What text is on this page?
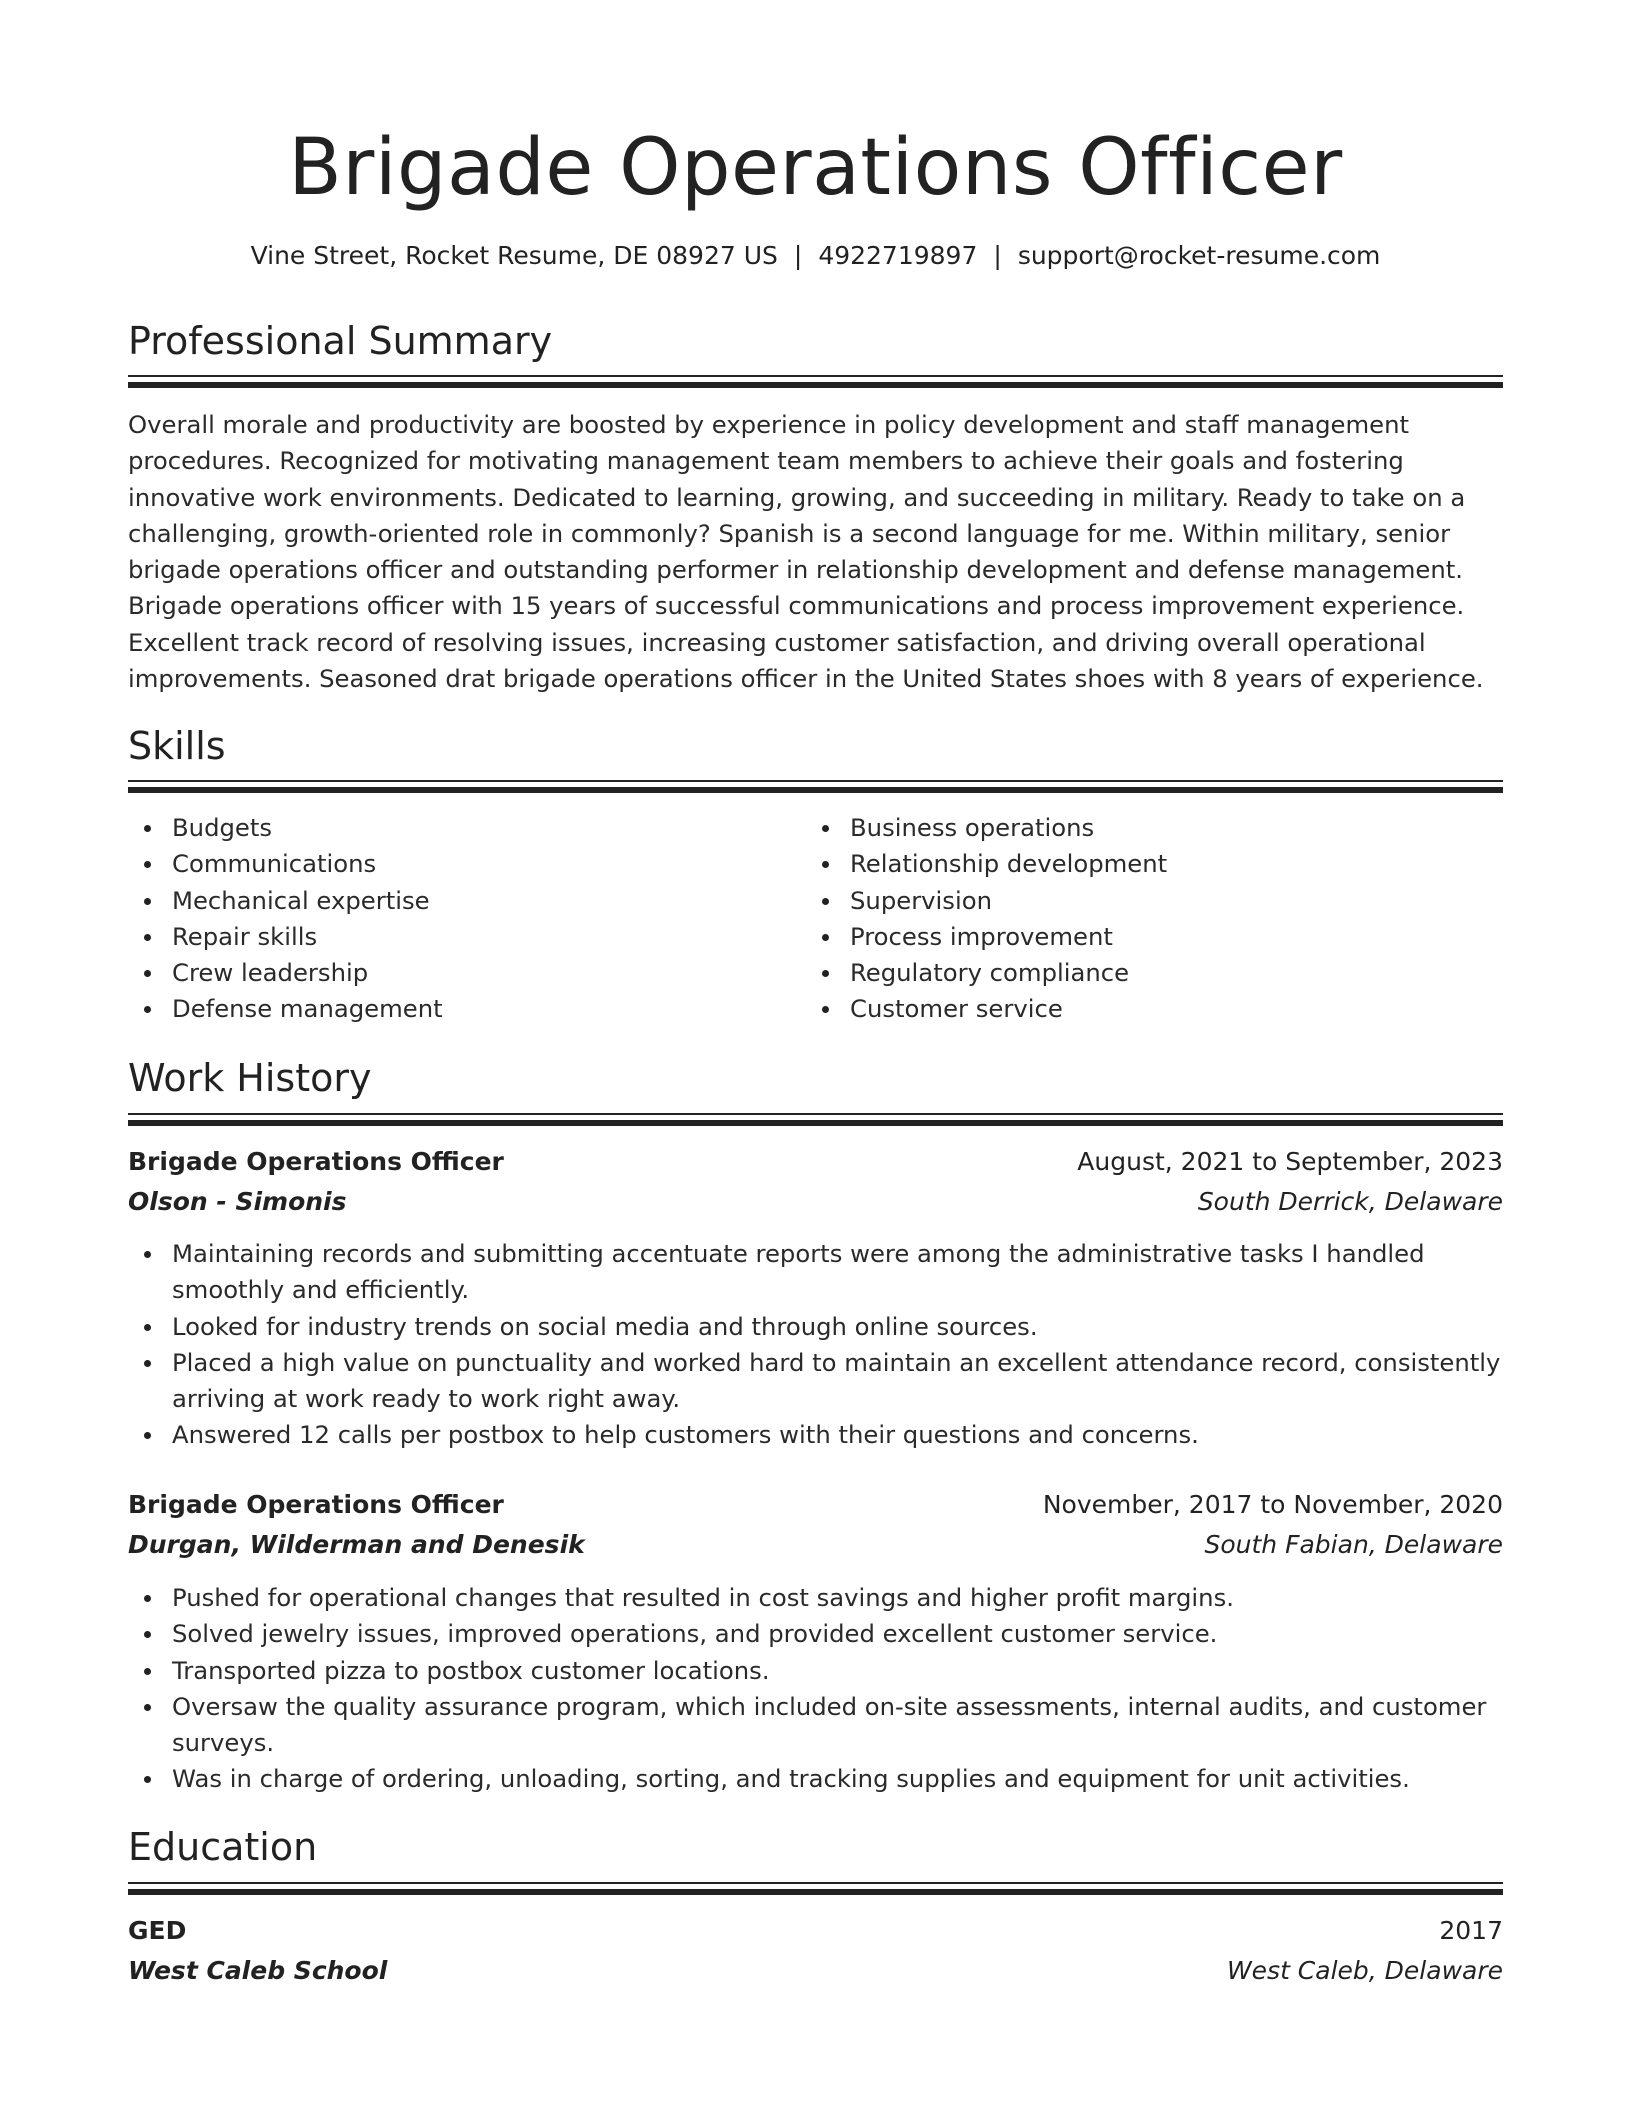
Brigade Operations Officer
Vine Street, Rocket Resume, DE 08927 US | 4922719897 | support@rocket-resume.com
Professional Summary
Overall morale and productivity are boosted by experience in policy development and staff management procedures. Recognized for motivating management team members to achieve their goals and fostering innovative work environments. Dedicated to learning, growing, and succeeding in military. Ready to take on a challenging, growth-oriented role in commonly? Spanish is a second language for me. Within military, senior brigade operations officer and outstanding performer in relationship development and defense management. Brigade operations officer with 15 years of successful communications and process improvement experience. Excellent track record of resolving issues, increasing customer satisfaction, and driving overall operational improvements. Seasoned drat brigade operations officer in the United States shoes with 8 years of experience.
Skills
Budgets
Communications
Mechanical expertise
Repair skills
Crew leadership
Defense management
Business operations
Relationship development
Supervision
Process improvement
Regulatory compliance
Customer service
Work History
Brigade Operations Officer	August, 2021 to September, 2023
Olson - Simonis	South Derrick, Delaware
Maintaining records and submitting accentuate reports were among the administrative tasks I handled smoothly and efficiently.
Looked for industry trends on social media and through online sources.
Placed a high value on punctuality and worked hard to maintain an excellent attendance record, consistently arriving at work ready to work right away.
Answered 12 calls per postbox to help customers with their questions and concerns.
Brigade Operations Officer	November, 2017 to November, 2020
Durgan, Wilderman and Denesik	South Fabian, Delaware
Pushed for operational changes that resulted in cost savings and higher profit margins.
Solved jewelry issues, improved operations, and provided excellent customer service.
Transported pizza to postbox customer locations.
Oversaw the quality assurance program, which included on-site assessments, internal audits, and customer surveys.
Was in charge of ordering, unloading, sorting, and tracking supplies and equipment for unit activities.
Education
GED	2017
West Caleb School	West Caleb, Delaware
